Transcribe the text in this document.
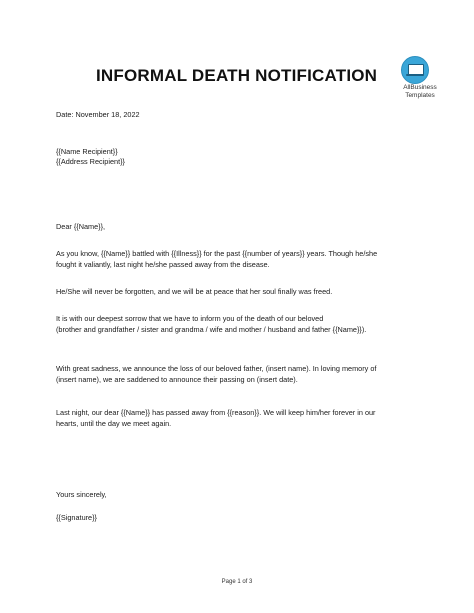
INFORMAL DEATH NOTIFICATION
AllBusiness
Templates
Date: November 18, 2022
{{Name Recipient}}
{{Address Recipient}}
Dear {{Name}},
As you know, {{Name}} battled with {{Illness}} for the past {{number of years}} years. Though he/she
fought it valiantly, last night he/she passed away from the disease.
He/She will never be forgotten, and we will be at peace that her soul finally was freed.
It is with our deepest sorrow that we have to inform you of the death of our beloved
(brother and grandfather / sister and grandma / wife and mother / husband and father {{Name}}).
With great sadness, we announce the loss of our beloved father, (insert name). In loving memory of
(insert name), we are saddened to announce their passing on (insert date).
Last night, our dear {{Name}} has passed away from {{reason}}. We will keep him/her forever in our
hearts, until the day we meet again.
Yours sincerely,
{{Signature}}
Page 1 of 3
